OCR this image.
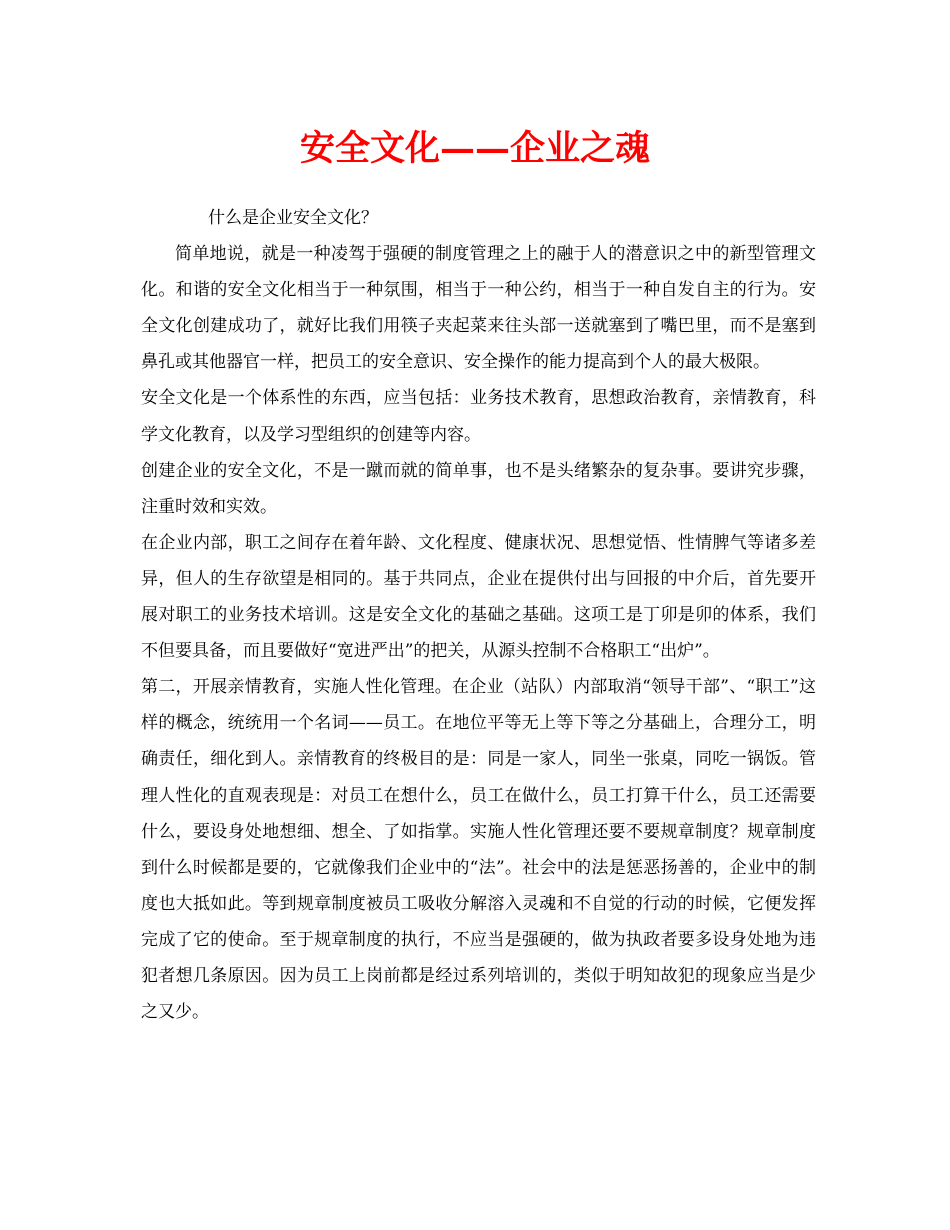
安全文化——企业之魂

什么是企业安全文化？

简单地说，就是一种凌驾于强硬的制度管理之上的融于人的潜意识之中的新型管理文化。和谐的安全文化相当于一种氛围，相当于一种公约，相当于一种自发自主的行为。安全文化创建成功了，就好比我们用筷子夹起菜来往头部一送就塞到了嘴巴里，而不是塞到鼻孔或其他器官一样，把员工的安全意识、安全操作的能力提高到个人的最大极限。

安全文化是一个体系性的东西，应当包括：业务技术教育，思想政治教育，亲情教育，科学文化教育，以及学习型组织的创建等内容。

创建企业的安全文化，不是一蹴而就的简单事，也不是头绪繁杂的复杂事。要讲究步骤，注重时效和实效。

在企业内部，职工之间存在着年龄、文化程度、健康状况、思想觉悟、性情脾气等诸多差异，但人的生存欲望是相同的。基于共同点，企业在提供付出与回报的中介后，首先要开展对职工的业务技术培训。这是安全文化的基础之基础。这项工是丁卯是卯的体系，我们不但要具备，而且要做好“宽进严出”的把关，从源头控制不合格职工“出炉”。

第二，开展亲情教育，实施人性化管理。在企业（站队）内部取消“领导干部”、“职工”这样的概念，统统用一个名词——员工。在地位平等无上等下等之分基础上，合理分工，明确责任，细化到人。亲情教育的终极目的是：同是一家人，同坐一张桌，同吃一锅饭。管理人性化的直观表现是：对员工在想什么，员工在做什么，员工打算干什么，员工还需要什么，要设身处地想细、想全、了如指掌。实施人性化管理还要不要规章制度？规章制度到什么时候都是要的，它就像我们企业中的“法”。社会中的法是惩恶扬善的，企业中的制度也大抵如此。等到规章制度被员工吸收分解溶入灵魂和不自觉的行动的时候，它便发挥完成了它的使命。至于规章制度的执行，不应当是强硬的，做为执政者要多设身处地为违犯者想几条原因。因为员工上岗前都是经过系列培训的，类似于明知故犯的现象应当是少之又少。
